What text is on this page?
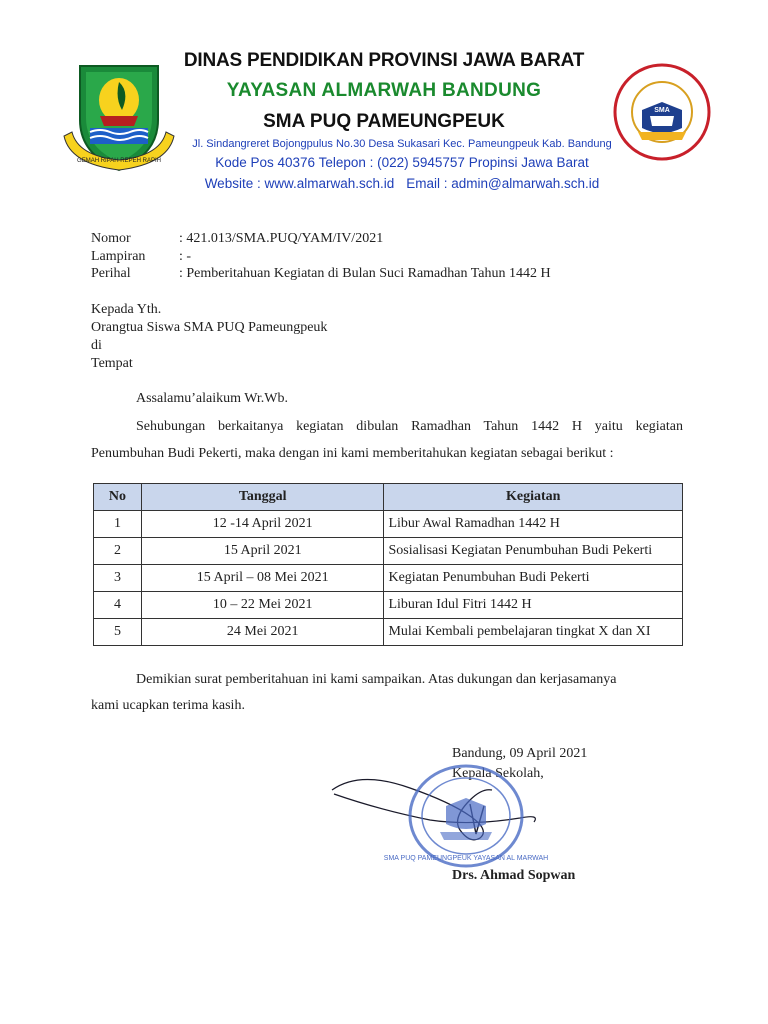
GEMAH RIPAH REPEH RAPIH
SMA
DINAS PENDIDIKAN PROVINSI JAWA BARAT
YAYASAN ALMARWAH BANDUNG
SMA PUQ PAMEUNGPEUK
Jl. Sindangreret Bojongpulus No.30 Desa Sukasari Kec. Pameungpeuk Kab. Bandung
Kode Pos 40376 Telepon : (022) 5945757 Propinsi Jawa Barat
Website : www.almarwah.sch.id Email : admin@almarwah.sch.id
Nomor	: 421.013/SMA.PUQ/YAM/IV/2021
Lampiran : -
Perihal	: Pemberitahuan Kegiatan di Bulan Suci Ramadhan Tahun 1442 H
Kepada Yth.
Orangtua Siswa SMA PUQ Pameungpeuk
di
Tempat
Assalamu’alaikum Wr.Wb.
Sehubungan berkaitanya kegiatan dibulan Ramadhan Tahun 1442 H yaitu kegiatan
Penumbuhan Budi Pekerti, maka dengan ini kami memberitahukan kegiatan sebagai berikut :
No	Tanggal	Kegiatan
1	12 -14 April 2021	Libur Awal Ramadhan 1442 H
2	15 April 2021	Sosialisasi Kegiatan Penumbuhan Budi Pekerti
3	15 April – 08 Mei 2021	Kegiatan Penumbuhan Budi Pekerti
4	10 – 22 Mei 2021	Liburan Idul Fitri 1442 H
5	24 Mei 2021	Mulai Kembali pembelajaran tingkat X dan XI
Demikian surat pemberitahuan ini kami sampaikan. Atas dukungan dan kerjasamanya
kami ucapkan terima kasih.
Bandung, 09 April 2021
Kepala Sekolah,
SMA PUQ PAMEUNGPEUK YAYASAN AL MARWAH
Drs. Ahmad Sopwan
